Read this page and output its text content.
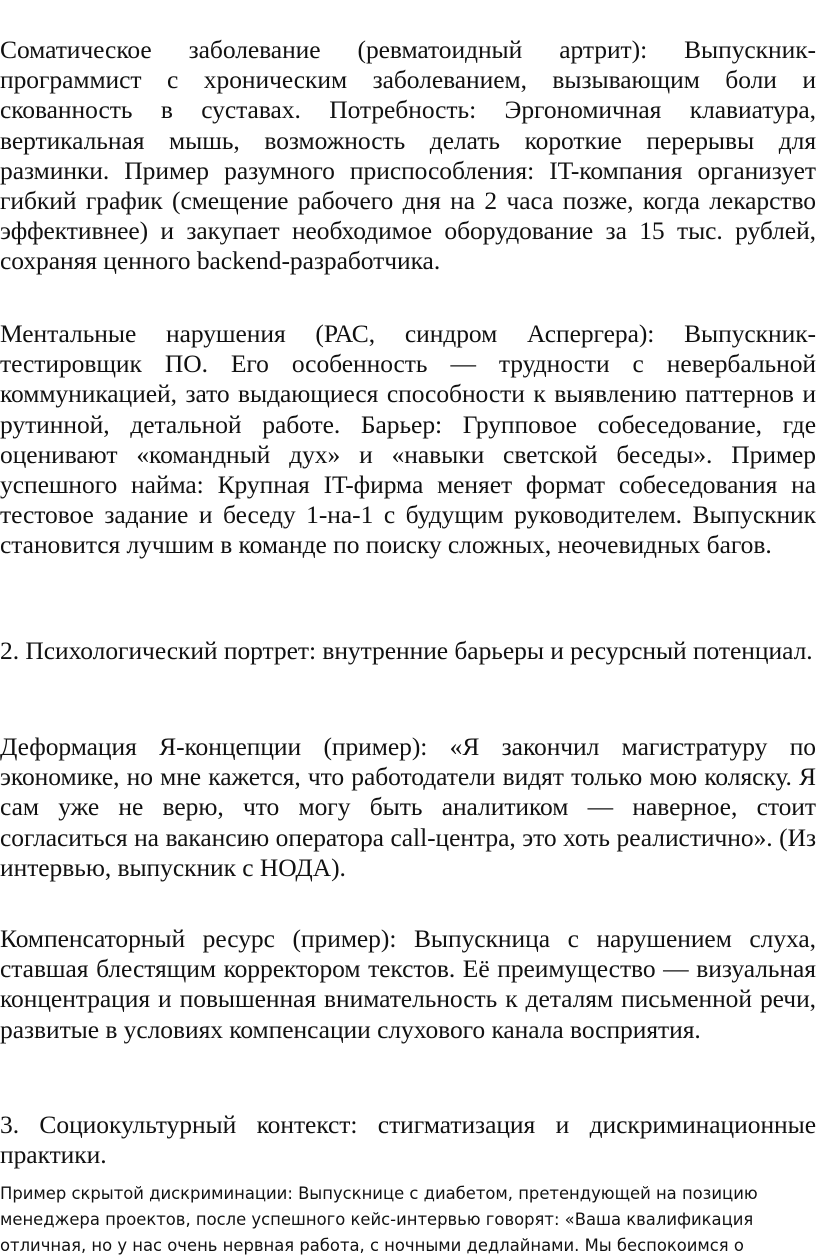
Соматическое заболевание (ревматоидный артрит): Выпускник-программист с хроническим заболеванием, вызывающим боли и скованность в суставах. Потребность: Эргономичная клавиатура, вертикальная мышь, возможность делать короткие перерывы для разминки. Пример разумного приспособления: IT-компания организует гибкий график (смещение рабочего дня на 2 часа позже, когда лекарство эффективнее) и закупает необходимое оборудование за 15 тыс. рублей, сохраняя ценного backend-разработчика.

Ментальные нарушения (РАС, синдром Аспергера): Выпускник-тестировщик ПО. Его особенность — трудности с невербальной коммуникацией, зато выдающиеся способности к выявлению паттернов и рутинной, детальной работе. Барьер: Групповое собеседование, где оценивают «командный дух» и «навыки светской беседы». Пример успешного найма: Крупная IT-фирма меняет формат собеседования на тестовое задание и беседу 1-на-1 с будущим руководителем. Выпускник становится лучшим в команде по поиску сложных, неочевидных багов.

2. Психологический портрет: внутренние барьеры и ресурсный потенциал.

Деформация Я-концепции (пример): «Я закончил магистратуру по экономике, но мне кажется, что работодатели видят только мою коляску. Я сам уже не верю, что могу быть аналитиком — наверное, стоит согласиться на вакансию оператора call-центра, это хоть реалистично». (Из интервью, выпускник с НОДА).

Компенсаторный ресурс (пример): Выпускница с нарушением слуха, ставшая блестящим корректором текстов. Её преимущество — визуальная концентрация и повышенная внимательность к деталям письменной речи, развитые в условиях компенсации слухового канала восприятия.

3. Социокультурный контекст: стигматизация и дискриминационные практики.

Пример скрытой дискриминации: Выпускнице с диабетом, претендующей на позицию менеджера проектов, после успешного кейс-интервью говорят: «Ваша квалификация отличная, но у нас очень нервная работа, с ночными дедлайнами. Мы беспокоимся о
